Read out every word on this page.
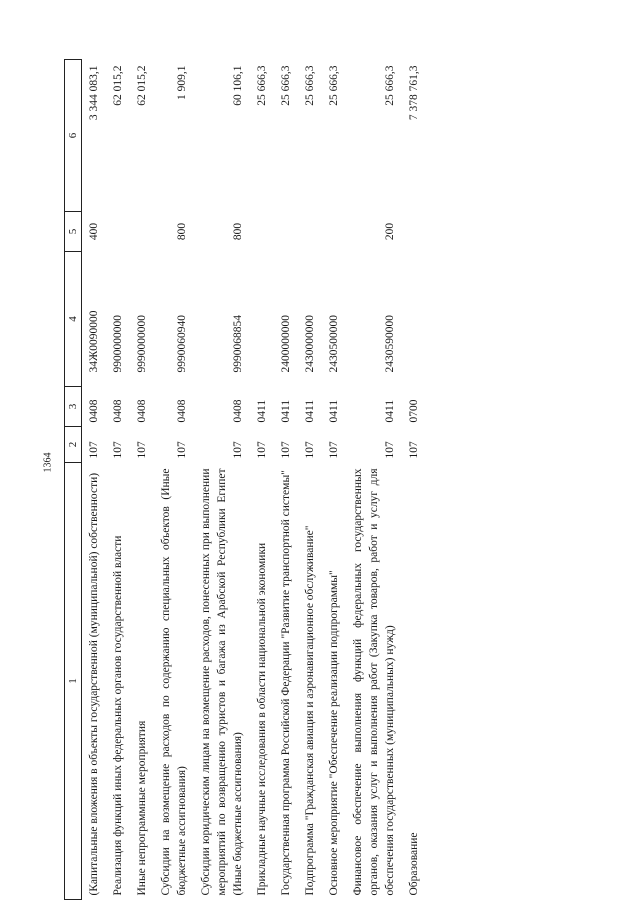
1364
1	2	3	4	5	6
(Капитальные вложения в объекты государственной (муниципальной) собственности)	107	0408	34Ж0090000	400	3 344 083,1
Реализация функций иных федеральных органов государственной власти	107	0408	9900000000		62 015,2
Иные непрограммные мероприятия	107	0408	9990000000		62 015,2
Субсидии на возмещение расходов по содержанию специальных объектов (Иные бюджетные ассигнования)	107	0408	9990060940	800	1 909,1
Субсидии юридическим лицам на возмещение расходов, понесенных при выполнении мероприятий по возвращению туристов и багажа из Арабской Республики Египет (Иные бюджетные ассигнования)	107	0408	9990068854	800	60 106,1
Прикладные научные исследования в области национальной экономики	107	0411			25 666,3
Государственная программа Российской Федерации "Развитие транспортной системы"	107	0411	2400000000		25 666,3
Подпрограмма "Гражданская авиация и аэронавигационное обслуживание"	107	0411	2430000000		25 666,3
Основное мероприятие "Обеспечение реализации подпрограммы"	107	0411	2430500000		25 666,3
Финансовое обеспечение выполнения функций федеральных государственных органов, оказания услуг и выполнения работ (Закупка товаров, работ и услуг для обеспечения государственных (муниципальных) нужд)	107	0411	2430590000	200	25 666,3
Образование	107	0700			7 378 761,3
